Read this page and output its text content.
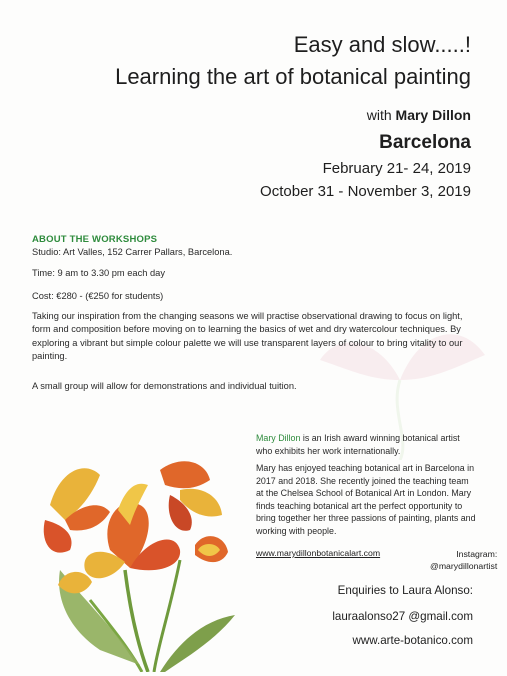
Easy and slow.....!
Learning the art of botanical painting
with Mary Dillon
Barcelona
February 21- 24, 2019
October 31 - November 3, 2019
ABOUT THE WORKSHOPS
Studio: Art Valles, 152 Carrer Pallars, Barcelona.
Time: 9 am to 3.30 pm each day
Cost: €280 - (€250 for students)
Taking our inspiration from the changing seasons we will practise observational drawing to focus on light, form and composition before moving on to learning the basics of wet and dry watercolour techniques. By exploring a vibrant but simple colour palette we will use transparent layers of colour to bring vitality to our painting.
A small group will allow for demonstrations and individual tuition.
Mary Dillon is an Irish award winning botanical artist who exhibits her work internationally.
Mary has enjoyed teaching botanical art in Barcelona in 2017 and 2018. She recently joined the teaching team at the Chelsea School of Botanical Art in London. Mary finds teaching botanical art the perfect opportunity to bring together her three passions of painting, plants and working with people.
www.marydillonbotanicalart.com	Instagram:
@marydillonartist
Enquiries to Laura Alonso:
lauraalonso27 @gmail.com
www.arte-botanico.com
